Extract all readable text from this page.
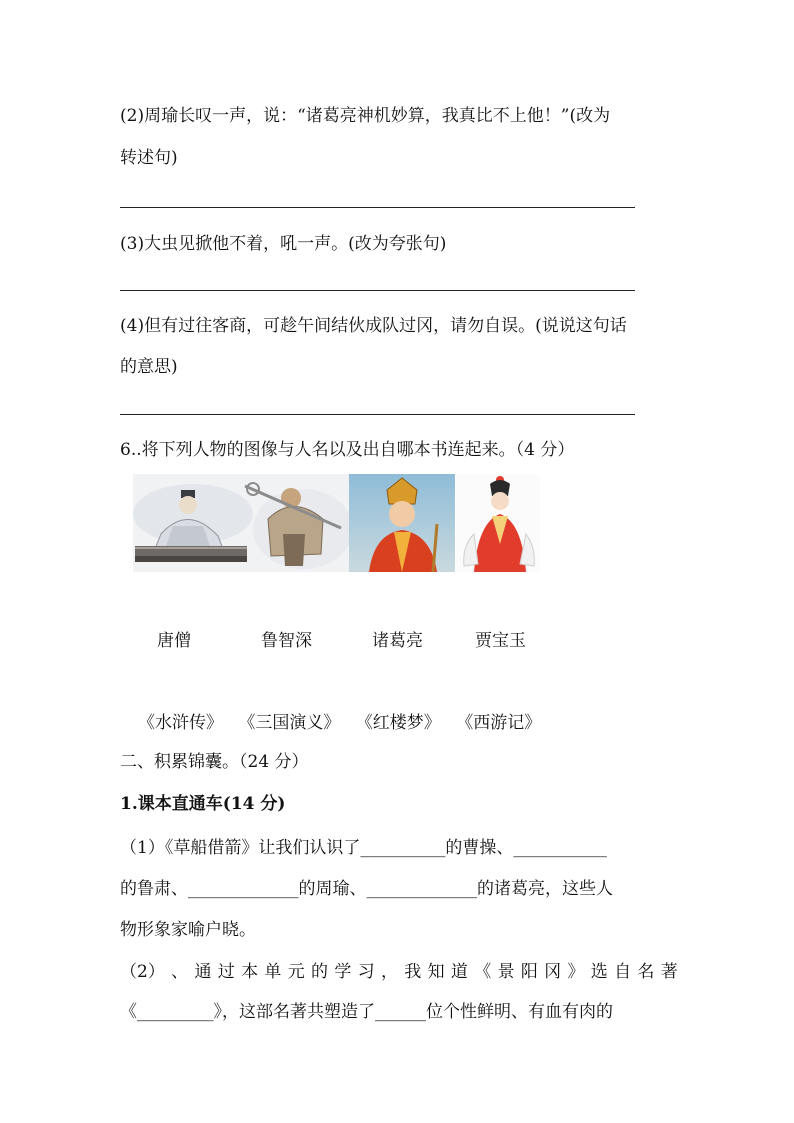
(2)周瑜长叹一声，说：“诸葛亮神机妙算，我真比不上他！”(改为
转述句)
(3)大虫见掀他不着，吼一声。(改为夸张句)
(4)但有过往客商，可趁午间结伙成队过冈，请勿自误。(说说这句话
的意思)
6..将下列人物的图像与人名以及出自哪本书连起来。（4 分）
唐僧	鲁智深	诸葛亮	贾宝玉
《水浒传》 《三国演义》 《红楼梦》 《西游记》
二、积累锦囊。（24 分）
1.课本直通车(14 分)
（1）《草船借箭》让我们认识了__________的曹操、___________
的鲁肃、_____________的周瑜、_____________的诸葛亮，这些人
物形象家喻户晓。
（2） 、 通 过 本 单 元 的 学 习 ， 我 知 道 《 景 阳 冈 》 选 自 名 著
《_________》，这部名著共塑造了______位个性鲜明、有血有肉的
